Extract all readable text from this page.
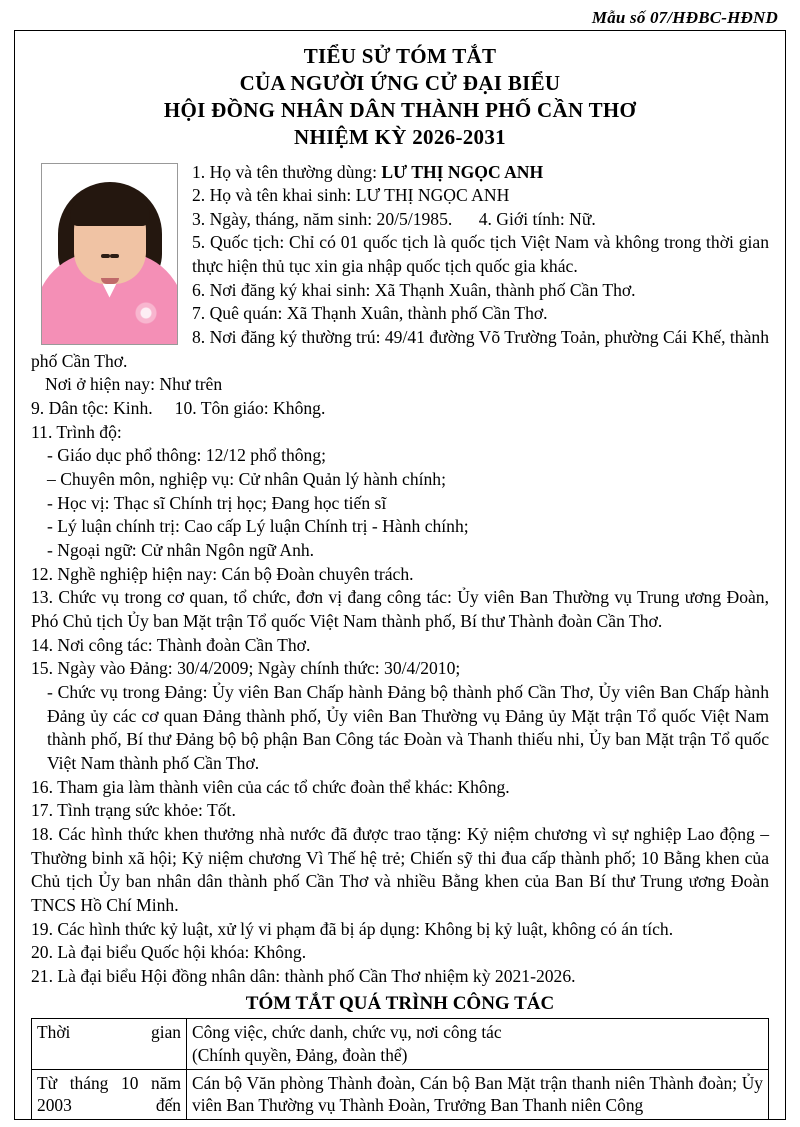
Mẫu số 07/HĐBC-HĐND
TIỂU SỬ TÓM TẮT
CỦA NGƯỜI ỨNG CỬ ĐẠI BIỂU
HỘI ĐỒNG NHÂN DÂN THÀNH PHỐ CẦN THƠ
NHIỆM KỲ 2026-2031

1. Họ và tên thường dùng: LƯ THỊ NGỌC ANH

2. Họ và tên khai sinh: LƯ THỊ NGỌC ANH

3. Ngày, tháng, năm sinh: 20/5/1985. 4. Giới tính: Nữ.

5. Quốc tịch: Chỉ có 01 quốc tịch là quốc tịch Việt Nam và không trong thời gian thực hiện thủ tục xin gia nhập quốc tịch quốc gia khác.

6. Nơi đăng ký khai sinh: Xã Thạnh Xuân, thành phố Cần Thơ.

7. Quê quán: Xã Thạnh Xuân, thành phố Cần Thơ.

8. Nơi đăng ký thường trú: 49/41 đường Võ Trường Toản, phường Cái Khế, thành phố Cần Thơ.

Nơi ở hiện nay: Như trên

9. Dân tộc: Kinh. 10. Tôn giáo: Không.

11. Trình độ:

- Giáo dục phổ thông: 12/12 phổ thông;

– Chuyên môn, nghiệp vụ: Cử nhân Quản lý hành chính;

- Học vị: Thạc sĩ Chính trị học; Đang học tiến sĩ

- Lý luận chính trị: Cao cấp Lý luận Chính trị - Hành chính;

- Ngoại ngữ: Cử nhân Ngôn ngữ Anh.

12. Nghề nghiệp hiện nay: Cán bộ Đoàn chuyên trách.

13. Chức vụ trong cơ quan, tổ chức, đơn vị đang công tác: Ủy viên Ban Thường vụ Trung ương Đoàn, Phó Chủ tịch Ủy ban Mặt trận Tổ quốc Việt Nam thành phố, Bí thư Thành đoàn Cần Thơ.

14. Nơi công tác: Thành đoàn Cần Thơ.

15. Ngày vào Đảng: 30/4/2009; Ngày chính thức: 30/4/2010;

- Chức vụ trong Đảng: Ủy viên Ban Chấp hành Đảng bộ thành phố Cần Thơ, Ủy viên Ban Chấp hành Đảng ủy các cơ quan Đảng thành phố, Ủy viên Ban Thường vụ Đảng ủy Mặt trận Tổ quốc Việt Nam thành phố, Bí thư Đảng bộ bộ phận Ban Công tác Đoàn và Thanh thiếu nhi, Ủy ban Mặt trận Tổ quốc Việt Nam thành phố Cần Thơ.

16. Tham gia làm thành viên của các tổ chức đoàn thể khác: Không.

17. Tình trạng sức khỏe: Tốt.

18. Các hình thức khen thưởng nhà nước đã được trao tặng: Kỷ niệm chương vì sự nghiệp Lao động – Thường binh xã hội; Kỷ niệm chương Vì Thế hệ trẻ; Chiến sỹ thi đua cấp thành phố; 10 Bằng khen của Chủ tịch Ủy ban nhân dân thành phố Cần Thơ và nhiều Bằng khen của Ban Bí thư Trung ương Đoàn TNCS Hồ Chí Minh.

19. Các hình thức kỷ luật, xử lý vi phạm đã bị áp dụng: Không bị kỷ luật, không có án tích.

20. Là đại biểu Quốc hội khóa: Không.

21. Là đại biểu Hội đồng nhân dân: thành phố Cần Thơ nhiệm kỳ 2021-2026.

TÓM TẮT QUÁ TRÌNH CÔNG TÁC
Thời gian	Công việc, chức danh, chức vụ, nơi công tác
(Chính quyền, Đảng, đoàn thể)

Từ tháng 10 năm 2003 đến	Cán bộ Văn phòng Thành đoàn, Cán bộ Ban Mặt trận thanh niên Thành đoàn; Ủy viên Ban Thường vụ Thành Đoàn, Trưởng Ban Thanh niên Công
